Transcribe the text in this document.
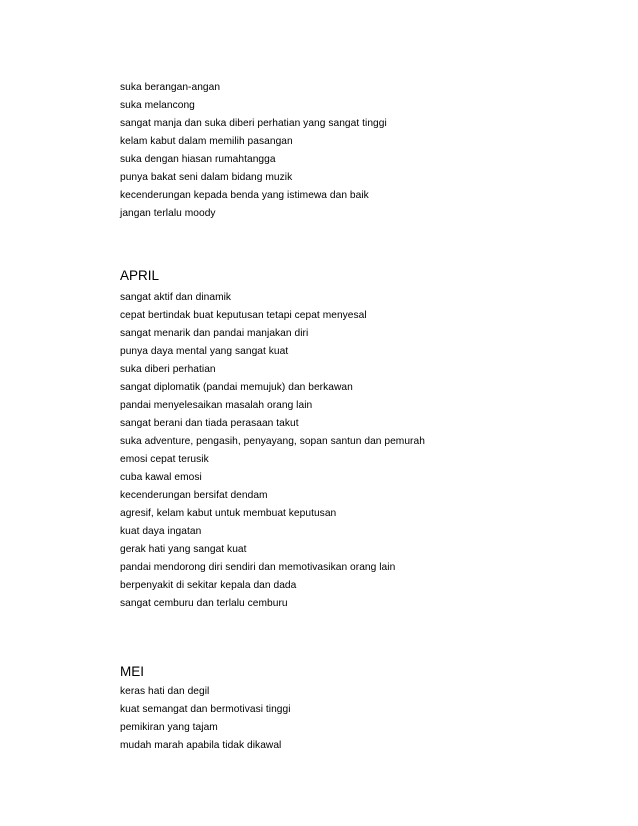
suka berangan-angan
suka melancong
sangat manja dan suka diberi perhatian yang sangat tinggi
kelam kabut dalam memilih pasangan
suka dengan hiasan rumahtangga
punya bakat seni dalam bidang muzik
kecenderungan kepada benda yang istimewa dan baik
jangan terlalu moody
APRIL
sangat aktif dan dinamik
cepat bertindak buat keputusan tetapi cepat menyesal
sangat menarik dan pandai manjakan diri
punya daya mental yang sangat kuat
suka diberi perhatian
sangat diplomatik (pandai memujuk) dan berkawan
pandai menyelesaikan masalah orang lain
sangat berani dan tiada perasaan takut
suka adventure, pengasih, penyayang, sopan santun dan pemurah
emosi cepat terusik
cuba kawal emosi
kecenderungan bersifat dendam
agresif, kelam kabut untuk membuat keputusan
kuat daya ingatan
gerak hati yang sangat kuat
pandai mendorong diri sendiri dan memotivasikan orang lain
berpenyakit di sekitar kepala dan dada
sangat cemburu dan terlalu cemburu
MEI
keras hati dan degil
kuat semangat dan bermotivasi tinggi
pemikiran yang tajam
mudah marah apabila tidak dikawal
